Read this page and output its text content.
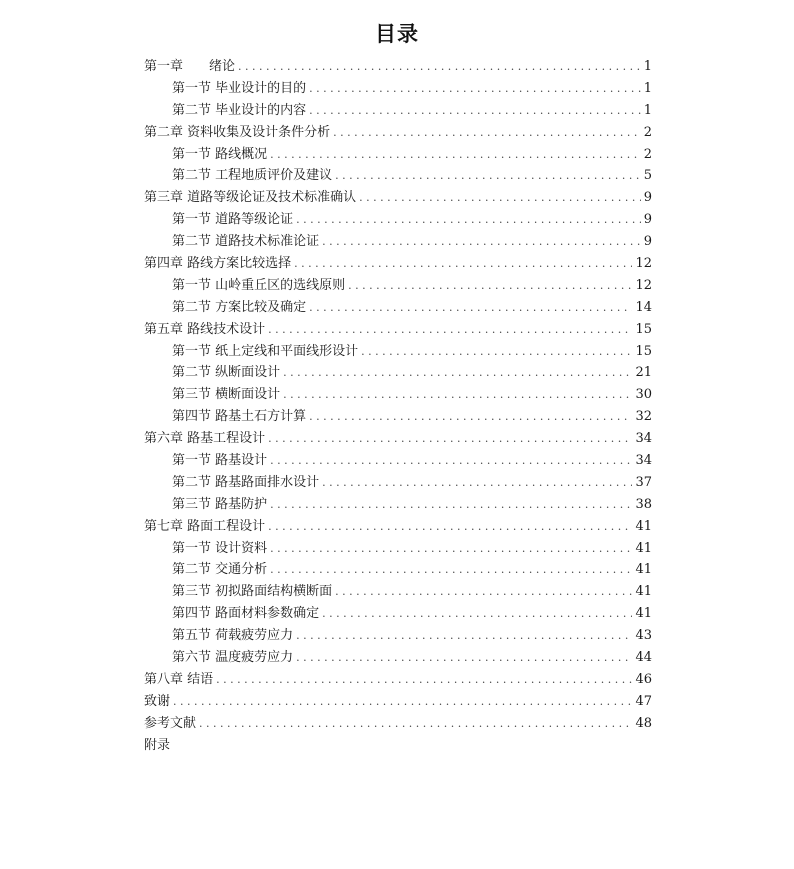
目录
第一章　　绪论 . . .	1
第一节 毕业设计的目的 . . .	1
第二节 毕业设计的内容 . . .	1
第二章 资料收集及设计条件分析 . . .	2
第一节 路线概况 . . .	2
第二节 工程地质评价及建议 . . .	5
第三章 道路等级论证及技术标准确认 . . .	9
第一节 道路等级论证 . . .	9
第二节 道路技术标准论证 . . .	9
第四章 路线方案比较选择 . . .	12
第一节 山岭重丘区的选线原则 . . .	12
第二节 方案比较及确定 . . .	14
第五章 路线技术设计 . . .	15
第一节 纸上定线和平面线形设计 . . .	15
第二节 纵断面设计 . . .	21
第三节 横断面设计 . . .	30
第四节 路基土石方计算 . . .	32
第六章 路基工程设计 . . .	34
第一节 路基设计 . . .	34
第二节 路基路面排水设计 . . .	37
第三节 路基防护 . . .	38
第七章 路面工程设计 . . .	41
第一节 设计资料 . . .	41
第二节 交通分析 . . .	41
第三节 初拟路面结构横断面 . . .	41
第四节 路面材料参数确定 . . .	41
第五节 荷载疲劳应力 . . .	43
第六节 温度疲劳应力 . . .	44
第八章 结语 . . .	46
致谢 . . .	47
参考文献 . . .	48
附录
